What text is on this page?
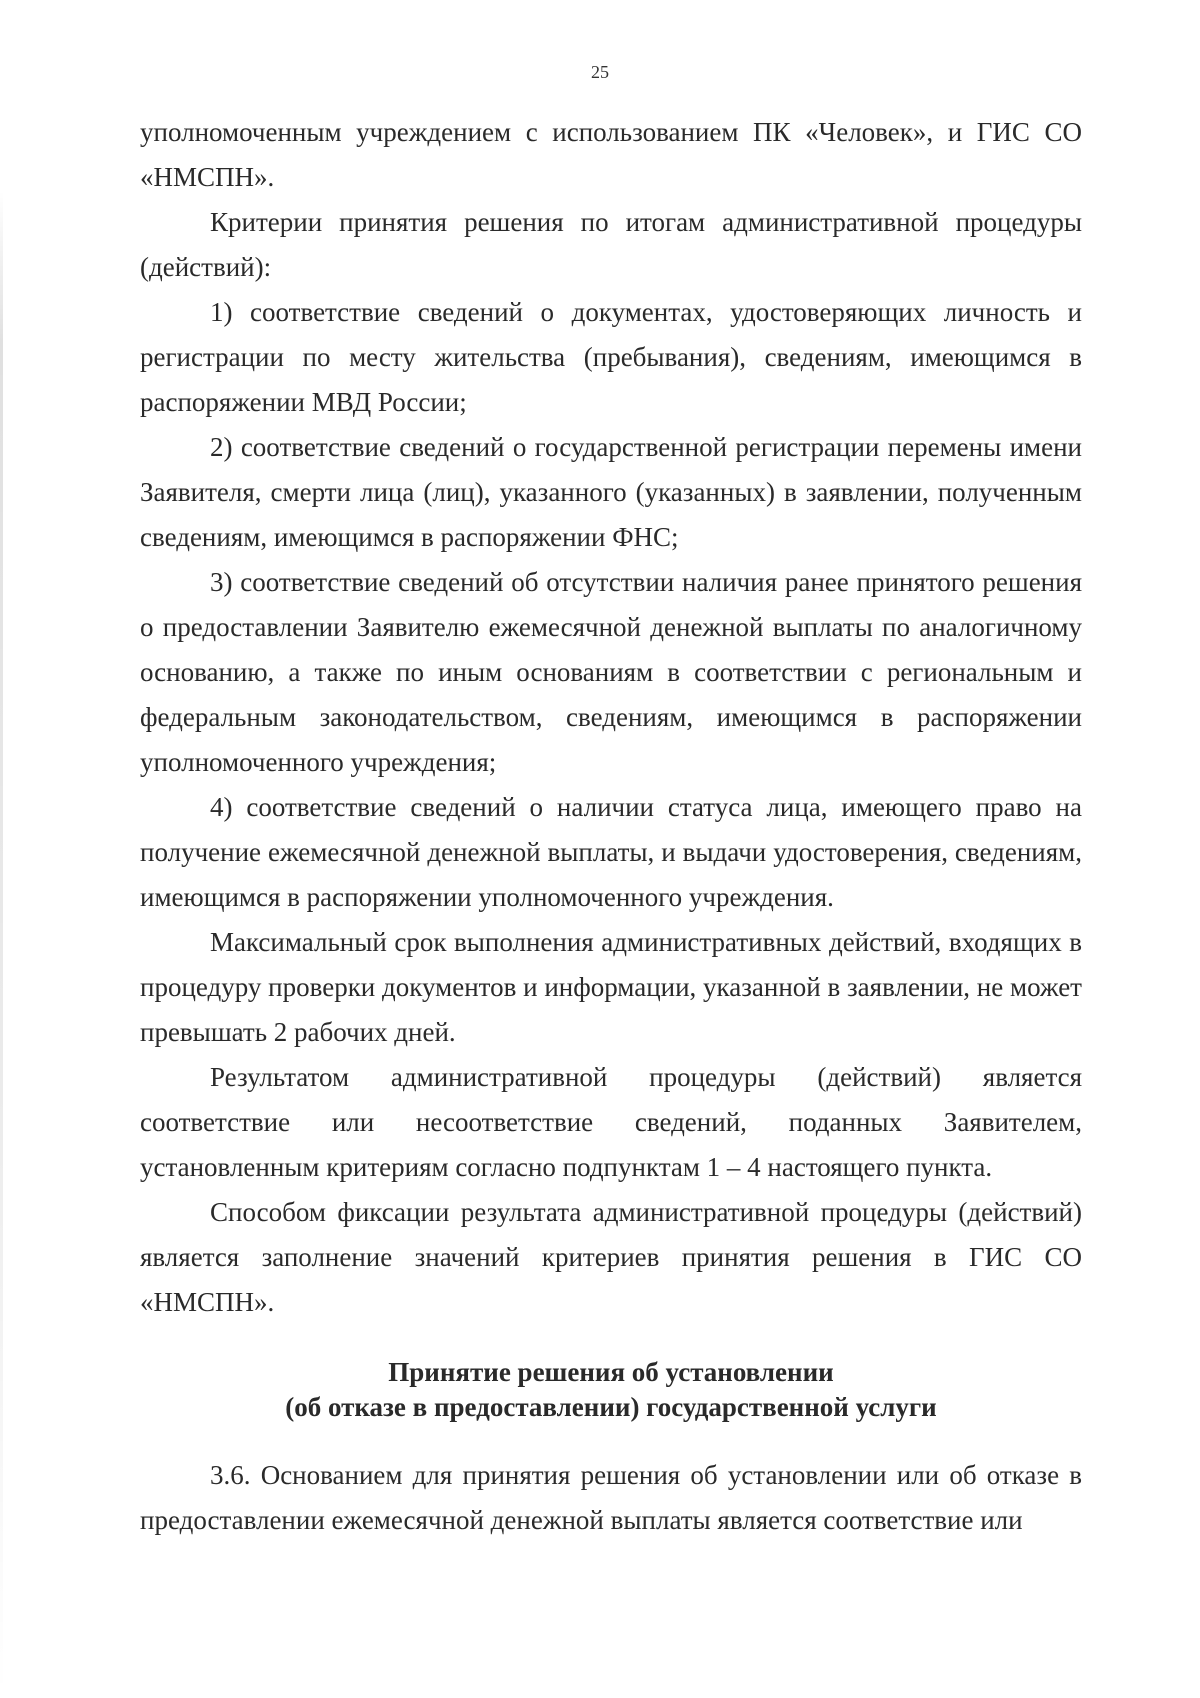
25

уполномоченным учреждением с использованием ПК «Человек», и ГИС СО «НМСПН».

Критерии принятия решения по итогам административной процедуры (действий):

1) соответствие сведений о документах, удостоверяющих личность и регистрации по месту жительства (пребывания), сведениям, имеющимся в распоряжении МВД России;

2) соответствие сведений о государственной регистрации перемены имени Заявителя, смерти лица (лиц), указанного (указанных) в заявлении, полученным сведениям, имеющимся в распоряжении ФНС;

3) соответствие сведений об отсутствии наличия ранее принятого решения о предоставлении Заявителю ежемесячной денежной выплаты по аналогичному основанию, а также по иным основаниям в соответствии с региональным и федеральным законодательством, сведениям, имеющимся в распоряжении уполномоченного учреждения;

4) соответствие сведений о наличии статуса лица, имеющего право на получение ежемесячной денежной выплаты, и выдачи удостоверения, сведениям, имеющимся в распоряжении уполномоченного учреждения.

Максимальный срок выполнения административных действий, входящих в процедуру проверки документов и информации, указанной в заявлении, не может превышать 2 рабочих дней.

Результатом административной процедуры (действий) является соответствие или несоответствие сведений, поданных Заявителем, установленным критериям согласно подпунктам 1 – 4 настоящего пункта.

Способом фиксации результата административной процедуры (действий) является заполнение значений критериев принятия решения в ГИС СО «НМСПН».

Принятие решения об установлении
(об отказе в предоставлении) государственной услуги

3.6. Основанием для принятия решения об установлении или об отказе в предоставлении ежемесячной денежной выплаты является соответствие или
